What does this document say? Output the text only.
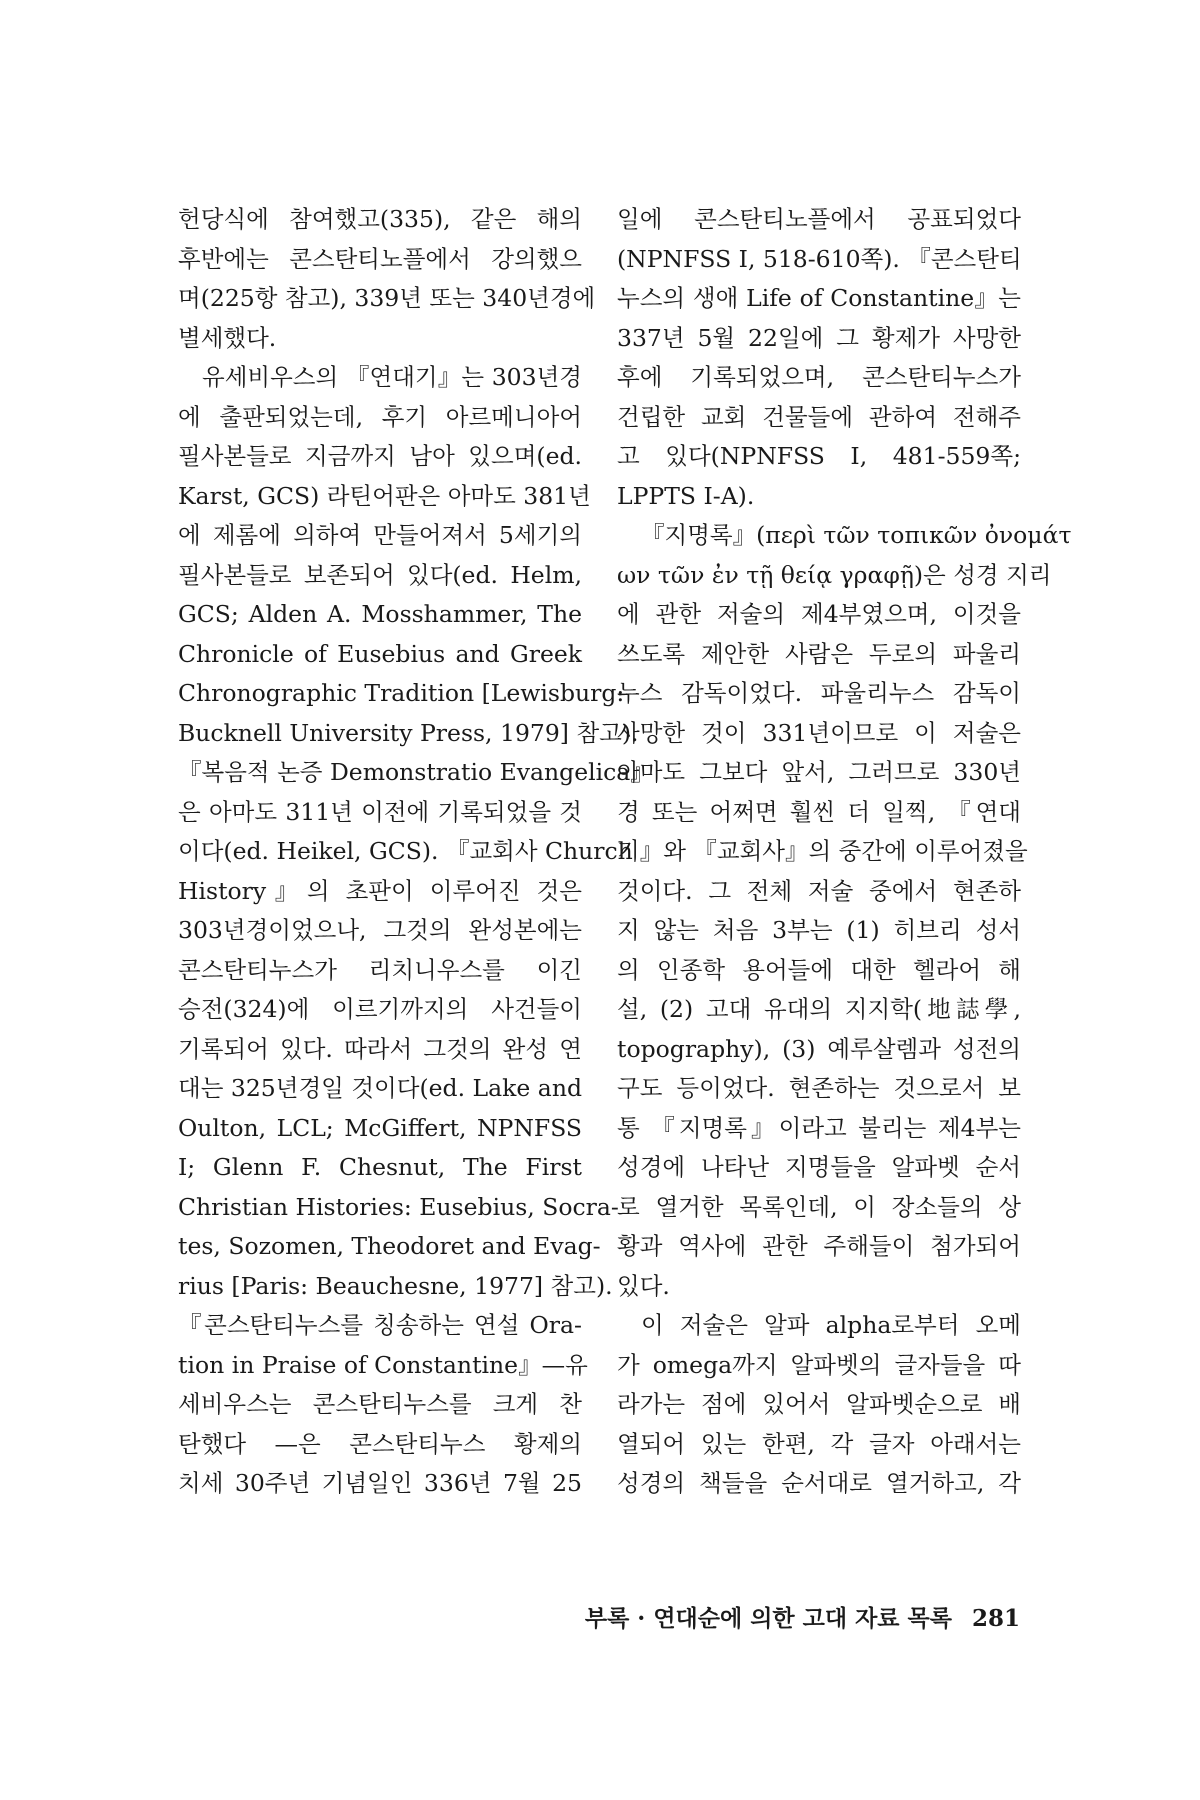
헌당식에 참여했고(335), 같은 해의
후반에는 콘스탄티노플에서 강의했으
며(225항 참고), 339년 또는 340년경에
별세했다.
유세비우스의 『연대기』는 303년경
에 출판되었는데, 후기 아르메니아어
필사본들로 지금까지 남아 있으며(ed.
Karst, GCS) 라틴어판은 아마도 381년
에 제롬에 의하여 만들어져서 5세기의
필사본들로 보존되어 있다(ed. Helm,
GCS; Alden A. Mosshammer, The
Chronicle of Eusebius and Greek
Chronographic Tradition [Lewisburg:
Bucknell University Press, 1979] 참고).
『복음적 논증 Demonstratio Evangelica』
은 아마도 311년 이전에 기록되었을 것
이다(ed. Heikel, GCS). 『교회사 Church
History』의 초판이 이루어진 것은
303년경이었으나, 그것의 완성본에는
콘스탄티누스가 리치니우스를 이긴
승전(324)에 이르기까지의 사건들이
기록되어 있다. 따라서 그것의 완성 연
대는 325년경일 것이다(ed. Lake and
Oulton, LCL; McGiffert, NPNFSS
I; Glenn F. Chesnut, The First
Christian Histories: Eusebius, Socra-
tes, Sozomen, Theodoret and Evag-
rius [Paris: Beauchesne, 1977] 참고).
『콘스탄티누스를 칭송하는 연설 Ora-
tion in Praise of Constantine』—유
세비우스는 콘스탄티누스를 크게 찬
탄했다 —은 콘스탄티누스 황제의
치세 30주년 기념일인 336년 7월 25
일에 콘스탄티노플에서 공표되었다
(NPNFSS I, 518-610쪽). 『콘스탄티
누스의 생애 Life of Constantine』는
337년 5월 22일에 그 황제가 사망한
후에 기록되었으며, 콘스탄티누스가
건립한 교회 건물들에 관하여 전해주
고 있다(NPNFSS I, 481-559쪽;
LPPTS I-A).
『지명록』(περὶ τῶν τοπικῶν ὀνομάτ
ων τῶν ἐν τῇ θείᾳ γραφῇ)은 성경 지리
에 관한 저술의 제4부였으며, 이것을
쓰도록 제안한 사람은 두로의 파울리
누스 감독이었다. 파울리누스 감독이
사망한 것이 331년이므로 이 저술은
아마도 그보다 앞서, 그러므로 330년
경 또는 어쩌면 훨씬 더 일찍, 『연대
기』와 『교회사』의 중간에 이루어졌을
것이다. 그 전체 저술 중에서 현존하
지 않는 처음 3부는 (1) 히브리 성서
의 인종학 용어들에 대한 헬라어 해
설, (2) 고대 유대의 지지학(地誌學,
topography), (3) 예루살렘과 성전의
구도 등이었다. 현존하는 것으로서 보
통 『지명록』이라고 불리는 제4부는
성경에 나타난 지명들을 알파벳 순서
로 열거한 목록인데, 이 장소들의 상
황과 역사에 관한 주해들이 첨가되어
있다.
이 저술은 알파 alpha로부터 오메
가 omega까지 알파벳의 글자들을 따
라가는 점에 있어서 알파벳순으로 배
열되어 있는 한편, 각 글자 아래서는
성경의 책들을 순서대로 열거하고, 각
부록 · 연대순에 의한 고대 자료 목록 281
